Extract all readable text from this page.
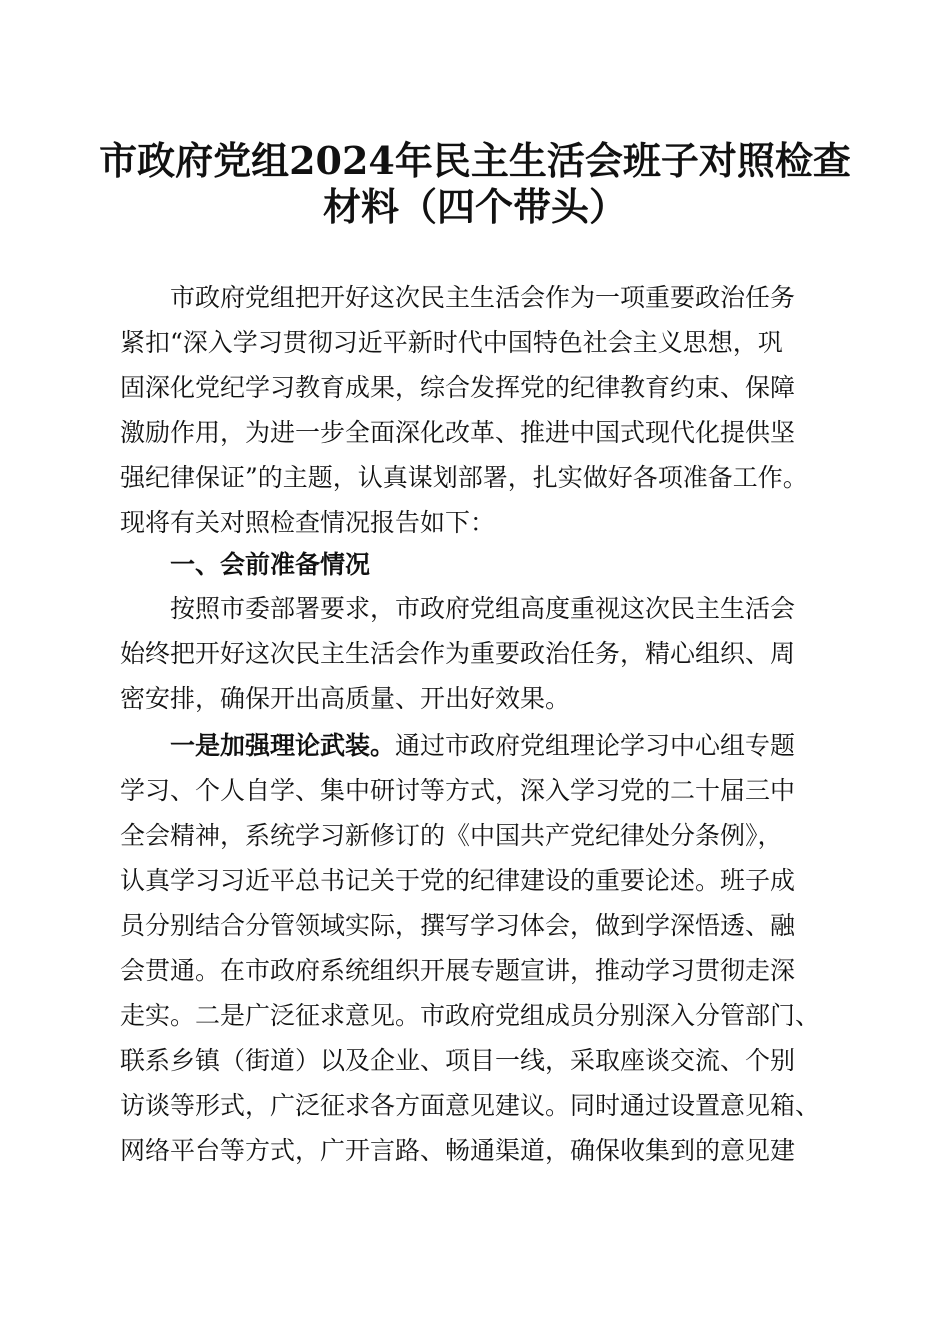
市政府党组2024年民主生活会班子对照检查
材料（四个带头）
市政府党组把开好这次民主生活会作为一项重要政治任务
紧扣“深入学习贯彻习近平新时代中国特色社会主义思想，巩
固深化党纪学习教育成果，综合发挥党的纪律教育约束、保障
激励作用，为进一步全面深化改革、推进中国式现代化提供坚
强纪律保证”的主题，认真谋划部署，扎实做好各项准备工作。
现将有关对照检查情况报告如下：
一、会前准备情况
按照市委部署要求，市政府党组高度重视这次民主生活会
始终把开好这次民主生活会作为重要政治任务，精心组织、周
密安排，确保开出高质量、开出好效果。
一是加强理论武装。通过市政府党组理论学习中心组专题
学习、个人自学、集中研讨等方式，深入学习党的二十届三中
全会精神，系统学习新修订的《中国共产党纪律处分条例》，
认真学习习近平总书记关于党的纪律建设的重要论述。班子成
员分别结合分管领域实际，撰写学习体会，做到学深悟透、融
会贯通。在市政府系统组织开展专题宣讲，推动学习贯彻走深
走实。二是广泛征求意见。市政府党组成员分别深入分管部门、
联系乡镇（街道）以及企业、项目一线，采取座谈交流、个别
访谈等形式，广泛征求各方面意见建议。同时通过设置意见箱、
网络平台等方式，广开言路、畅通渠道，确保收集到的意见建
